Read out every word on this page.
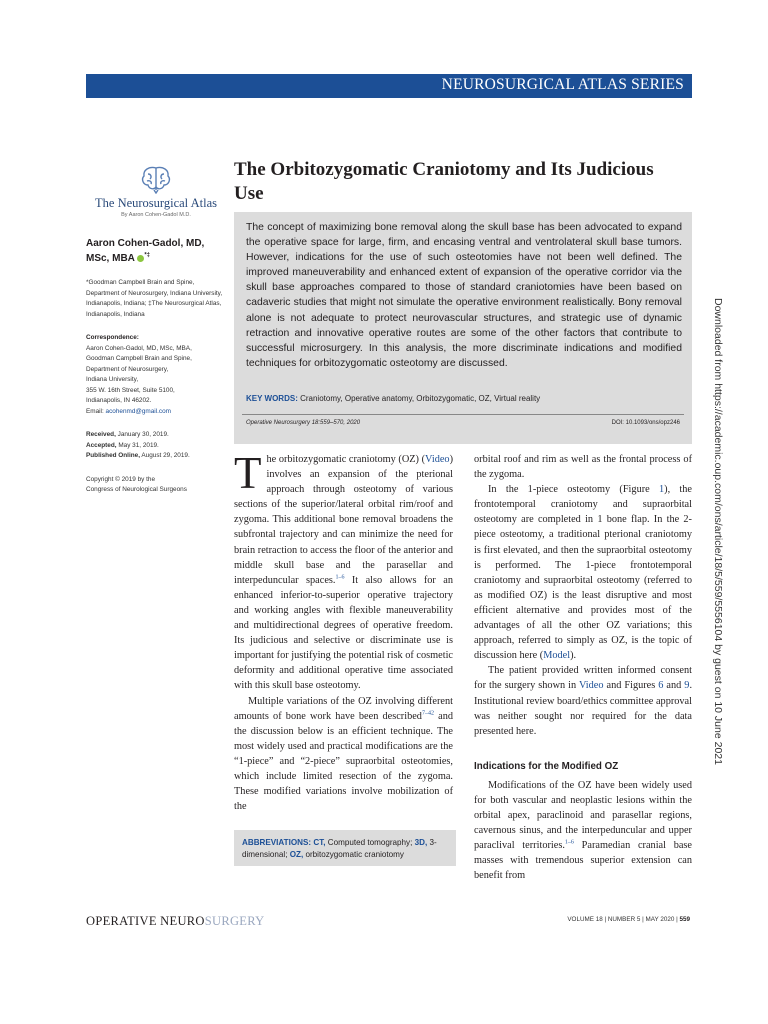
NEUROSURGICAL ATLAS SERIES
The Neurosurgical Atlas
By Aaron Cohen-Gadol M.D.
The Orbitozygomatic Craniotomy and Its Judicious Use
The concept of maximizing bone removal along the skull base has been advocated to expand the operative space for large, firm, and encasing ventral and ventrolateral skull base tumors. However, indications for the use of such osteotomies have not been well defined. The improved maneuverability and enhanced extent of expansion of the operative corridor via the skull base approaches compared to those of standard craniotomies have been based on cadaveric studies that might not simulate the operative environment realistically. Bony removal alone is not adequate to protect neurovascular structures, and strategic use of dynamic retraction and innovative operative routes are some of the other factors that contribute to successful microsurgery. In this analysis, the more discriminate indications and modified techniques for orbitozygomatic osteotomy are discussed.
KEY WORDS: Craniotomy, Operative anatomy, Orbitozygomatic, OZ, Virtual reality
Operative Neurosurgery 18:559–570, 2020	DOI: 10.1093/ons/opz246

Aaron Cohen-Gadol, MD, MSc, MBA *‡

*Goodman Campbell Brain and Spine, Department of Neurosurgery, Indiana University, Indianapolis, Indiana; ‡The Neurosurgical Atlas, Indianapolis, Indiana

Correspondence:
Aaron Cohen-Gadol, MD, MSc, MBA,
Goodman Campbell Brain and Spine,
Department of Neurosurgery,
Indiana University,
355 W. 16th Street, Suite 5100,
Indianapolis, IN 46202.
Email: acohenmd@gmail.com

Received, January 30, 2019.
Accepted, May 31, 2019.
Published Online, August 29, 2019.

Copyright © 2019 by the
Congress of Neurological Surgeons	The orbitozygomatic craniotomy (OZ) (Video) involves an expansion of the pterional approach through osteotomy of various sections of the superior/lateral orbital rim/roof and zygoma. This additional bone removal broadens the subfrontal trajectory and can minimize the need for brain retraction to access the floor of the anterior and middle skull base and the parasellar and interpeduncular spaces.$^{1-6}$ It also allows for an enhanced inferior-to-superior operative trajectory and working angles with flexible maneuverability and multidirectional degrees of operative freedom. Its judicious and selective or discriminate use is important for justifying the potential risk of cosmetic deformity and additional operative time associated with this skull base osteotomy.

Multiple variations of the OZ involving different amounts of bone work have been described$^{7-42}$ and the discussion below is an efficient technique. The most widely used and practical modifications are the “1-piece” and “2-piece” supraorbital osteotomies, which include limited resection of the zygoma. These modified variations involve mobilization of the

orbital roof and rim as well as the frontal process of the zygoma.

In the 1-piece osteotomy (Figure 1), the frontotemporal craniotomy and supraorbital osteotomy are completed in 1 bone flap. In the 2-piece osteotomy, a traditional pterional craniotomy is first elevated, and then the supraorbital osteotomy is performed. The 1-piece frontotemporal craniotomy and supraorbital osteotomy (referred to as modified OZ) is the least disruptive and most efficient alternative and provides most of the advantages of all the other OZ variations; this approach, referred to simply as OZ, is the topic of discussion here (Model).

The patient provided written informed consent for the surgery shown in Video and Figures 6 and 9. Institutional review board/ethics committee approval was neither sought nor required for the data presented here.

Indications for the Modified OZ

Modifications of the OZ have been widely used for both vascular and neoplastic lesions within the orbital apex, paraclinoid and parasellar regions, cavernous sinus, and the interpeduncular and upper paraclival territories.$^{1-6}$ Paramedian cranial base masses with tremendous superior extension can benefit from

ABBREVIATIONS: CT, Computed tomography; 3D, 3-dimensional; OZ, orbitozygomatic craniotomy
OPERATIVE NEUROSURGERY	VOLUME 18 | NUMBER 5 | MAY 2020 | 559
Downloaded from https://academic.oup.com/ons/article/18/5/559/5556104 by guest on 10 June 2021
